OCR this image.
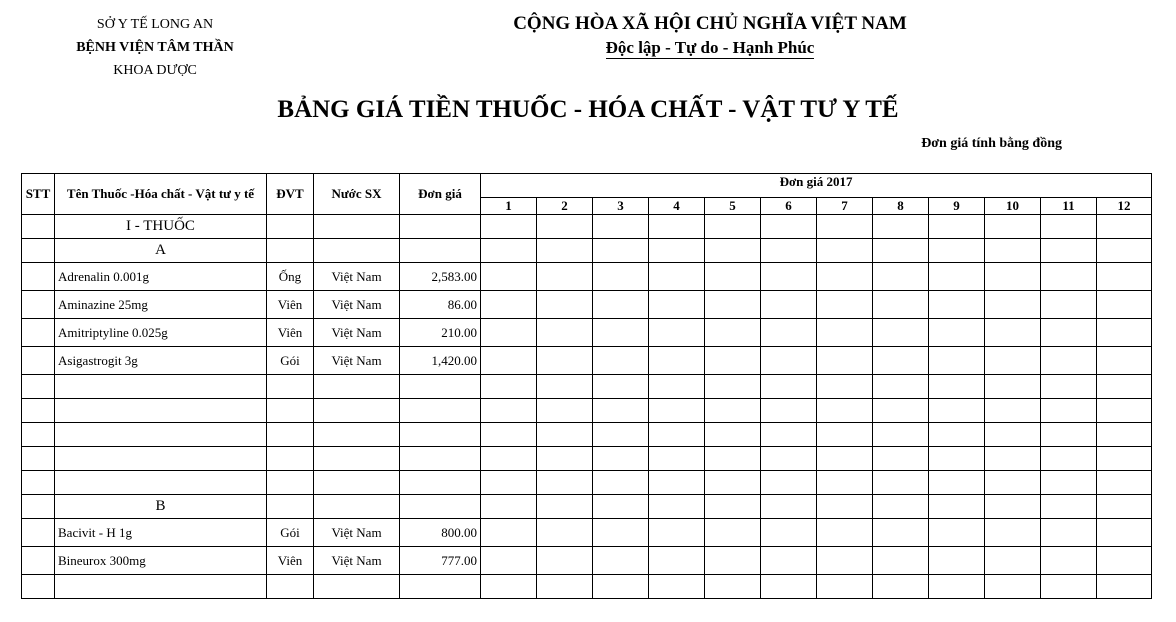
SỞ Y TẾ LONG AN
BỆNH VIỆN TÂM THẦN
KHOA DƯỢC
CỘNG HÒA XÃ HỘI CHỦ NGHĨA VIỆT NAM
Độc lập - Tự do - Hạnh Phúc
BẢNG GIÁ TIỀN THUỐC - HÓA CHẤT - VẬT TƯ Y TẾ
Đơn giá tính bằng đồng
STT	Tên Thuốc -Hóa chất - Vật tư y tế	ĐVT	Nước SX	Đơn giá	Đơn giá 2017											
					1	2	3	4	5	6	7	8	9	10	11	12
	I - THUỐC															
	A															
	Adrenalin 0.001g	Ống	Việt Nam	2,583.00												
	Aminazine 25mg	Viên	Việt Nam	86.00												
	Amitriptyline 0.025g	Viên	Việt Nam	210.00												
	Asigastrogit 3g	Gói	Việt Nam	1,420.00												

	B															
	Bacivit - H 1g	Gói	Việt Nam	800.00												
	Bineurox 300mg	Viên	Việt Nam	777.00												
